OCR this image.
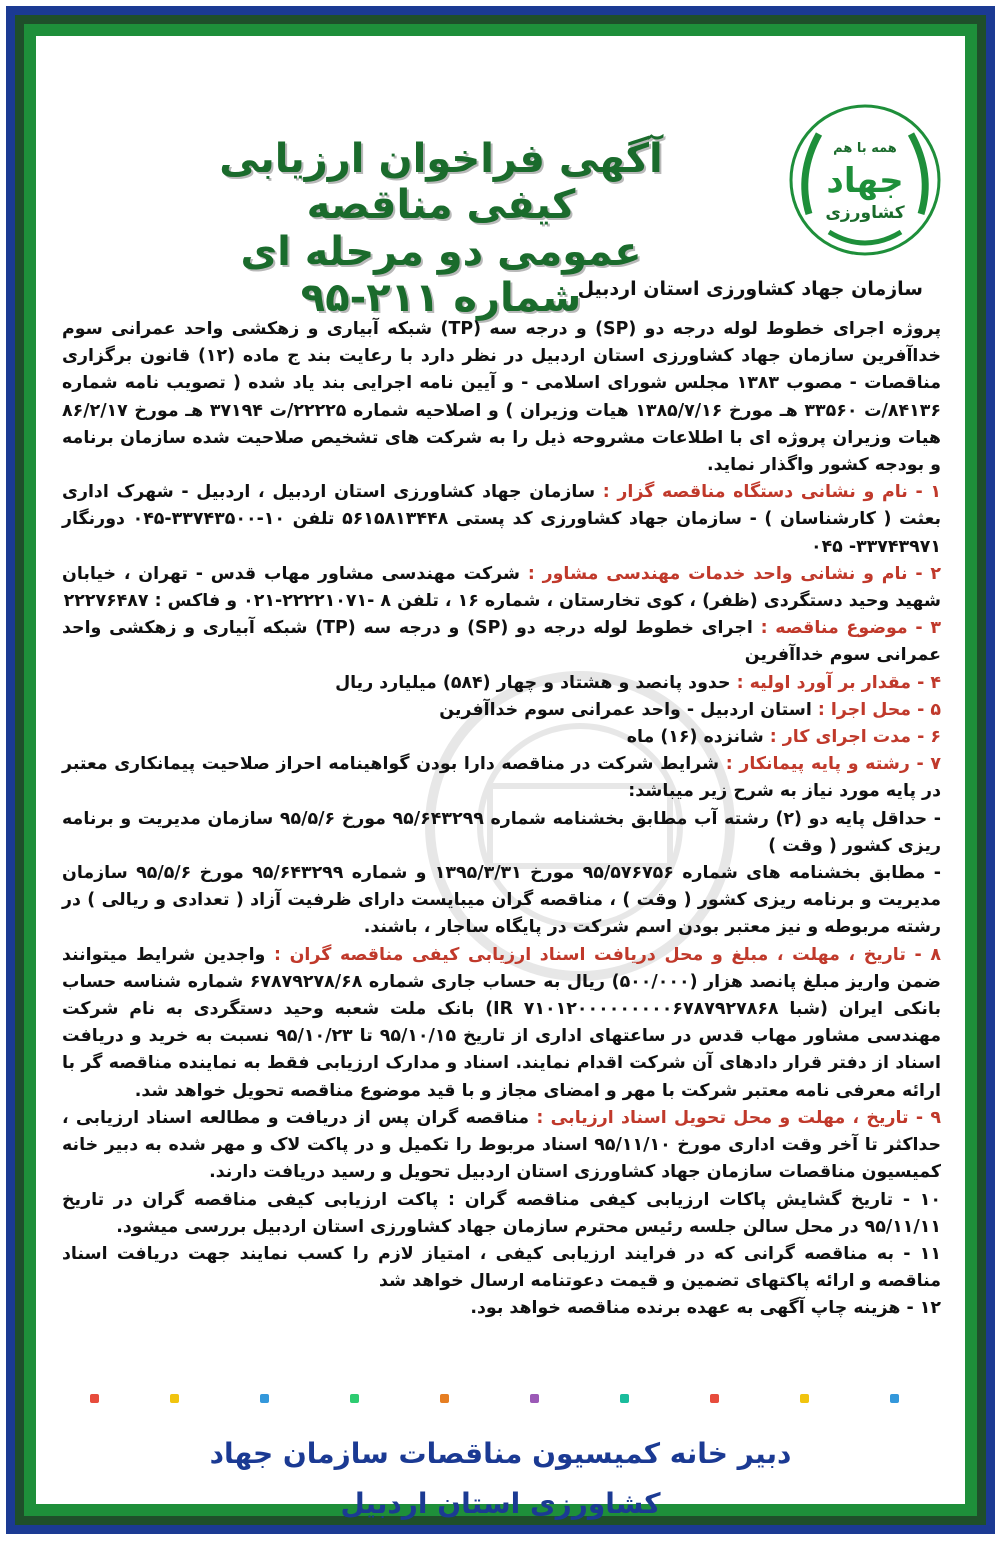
همه با هم
جهاد
کشاورزی
آگهی فراخوان ارزیابی کیفی مناقصه
عمومی دو مرحله ای
شماره ۲۱۱-۹۵
سازمان جهاد کشاورزی استان اردبیل

پروژه اجرای خطوط لوله درجه دو (SP) و درجه سه (TP) شبکه آبیاری و زهکشی واحد عمرانی سوم خداآفرین سازمان جهاد کشاورزی استان اردبیل در نظر دارد با رعایت بند ج ماده (۱۲) قانون برگزاری مناقصات - مصوب ۱۳۸۳ مجلس شورای اسلامی - و آیین نامه اجرایی بند یاد شده ( تصویب نامه شماره ۸۴۱۳۶/ت ۳۳۵۶۰ هـ مورخ ۱۳۸۵/۷/۱۶ هیات وزیران ) و اصلاحیه شماره ۲۲۲۲۵/ت ۳۷۱۹۴ هـ مورخ ۸۶/۲/۱۷ هیات وزیران پروژه ای با اطلاعات مشروحه ذیل را به شرکت های تشخیص صلاحیت شده سازمان برنامه و بودجه کشور واگذار نماید.

۱ - نام و نشانی دستگاه مناقصه گزار : سازمان جهاد کشاورزی استان اردبیل ، اردبیل - شهرک اداری بعثت ( کارشناسان ) - سازمان جهاد کشاورزی کد پستی ۵۶۱۵۸۱۳۴۴۸ تلفن ۱۰-۳۳۷۴۳۵۰۰-۰۴۵ دورنگار ۳۳۷۴۳۹۷۱- ۰۴۵

۲ - نام و نشانی واحد خدمات مهندسی مشاور : شرکت مهندسی مشاور مهاب قدس - تهران ، خیابان شهید وحید دستگردی (ظفر) ، کوی تخارستان ، شماره ۱۶ ، تلفن ۸ -۲۲۲۲۱۰۷۱-۰۲۱ و فاکس : ۲۲۲۷۶۴۸۷

۳ - موضوع مناقصه : اجرای خطوط لوله درجه دو (SP) و درجه سه (TP) شبکه آبیاری و زهکشی واحد عمرانی سوم خداآفرین

۴ - مقدار بر آورد اولیه : حدود پانصد و هشتاد و چهار (۵۸۴) میلیارد ریال

۵ - محل اجرا : استان اردبیل - واحد عمرانی سوم خداآفرین

۶ - مدت اجرای کار : شانزده (۱۶) ماه

۷ - رشته و پایه پیمانکار : شرایط شرکت در مناقصه دارا بودن گواهینامه احراز صلاحیت پیمانکاری معتبر در پایه مورد نیاز به شرح زیر میباشد:

- حداقل پایه دو (۲) رشته آب مطابق بخشنامه شماره ۹۵/۶۴۳۲۹۹ مورخ ۹۵/۵/۶ سازمان مدیریت و برنامه ریزی کشور ( وقت )

- مطابق بخشنامه های شماره ۹۵/۵۷۶۷۵۶ مورخ ۱۳۹۵/۳/۳۱ و شماره ۹۵/۶۴۳۲۹۹ مورخ ۹۵/۵/۶ سازمان مدیریت و برنامه ریزی کشور ( وقت ) ، مناقصه گران میبایست دارای ظرفیت آزاد ( تعدادی و ریالی ) در رشته مربوطه و نیز معتبر بودن اسم شرکت در پایگاه ساجار ، باشند.

۸ - تاریخ ، مهلت ، مبلغ و محل دریافت اسناد ارزیابی کیفی مناقصه گران : واجدین شرایط میتوانند ضمن واریز مبلغ پانصد هزار (۵۰۰/۰۰۰) ریال به حساب جاری شماره ۶۷۸۷۹۲۷۸/۶۸ شماره شناسه حساب بانکی ایران (شبا IR ۷۱۰۱۲۰۰۰۰۰۰۰۰۰۶۷۸۷۹۲۷۸۶۸) بانک ملت شعبه وحید دستگردی به نام شرکت مهندسی مشاور مهاب قدس در ساعتهای اداری از تاریخ ۹۵/۱۰/۱۵ تا ۹۵/۱۰/۲۳ نسبت به خرید و دریافت اسناد از دفتر قرار دادهای آن شرکت اقدام نمایند. اسناد و مدارک ارزیابی فقط به نماینده مناقصه گر با ارائه معرفی نامه معتبر شرکت با مهر و امضای مجاز و با قید موضوع مناقصه تحویل خواهد شد.

۹ - تاریخ ، مهلت و محل تحویل اسناد ارزیابی : مناقصه گران پس از دریافت و مطالعه اسناد ارزیابی ، حداکثر تا آخر وقت اداری مورخ ۹۵/۱۱/۱۰ اسناد مربوط را تکمیل و در پاکت لاک و مهر شده به دبیر خانه کمیسیون مناقصات سازمان جهاد کشاورزی استان اردبیل تحویل و رسید دریافت دارند.

۱۰ - تاریخ گشایش پاکات ارزیابی کیفی مناقصه گران : پاکت ارزیابی کیفی مناقصه گران در تاریخ ۹۵/۱۱/۱۱ در محل سالن جلسه رئیس محترم سازمان جهاد کشاورزی استان اردبیل بررسی میشود.

۱۱ - به مناقصه گرانی که در فرایند ارزیابی کیفی ، امتیاز لازم را کسب نمایند جهت دریافت اسناد مناقصه و ارائه پاکتهای تضمین و قیمت دعوتنامه ارسال خواهد شد

۱۲ - هزینه چاپ آگهی به عهده برنده مناقصه خواهد بود.

دبیر خانه کمیسیون مناقصات سازمان جهاد
کشاورزی استان اردبیل
